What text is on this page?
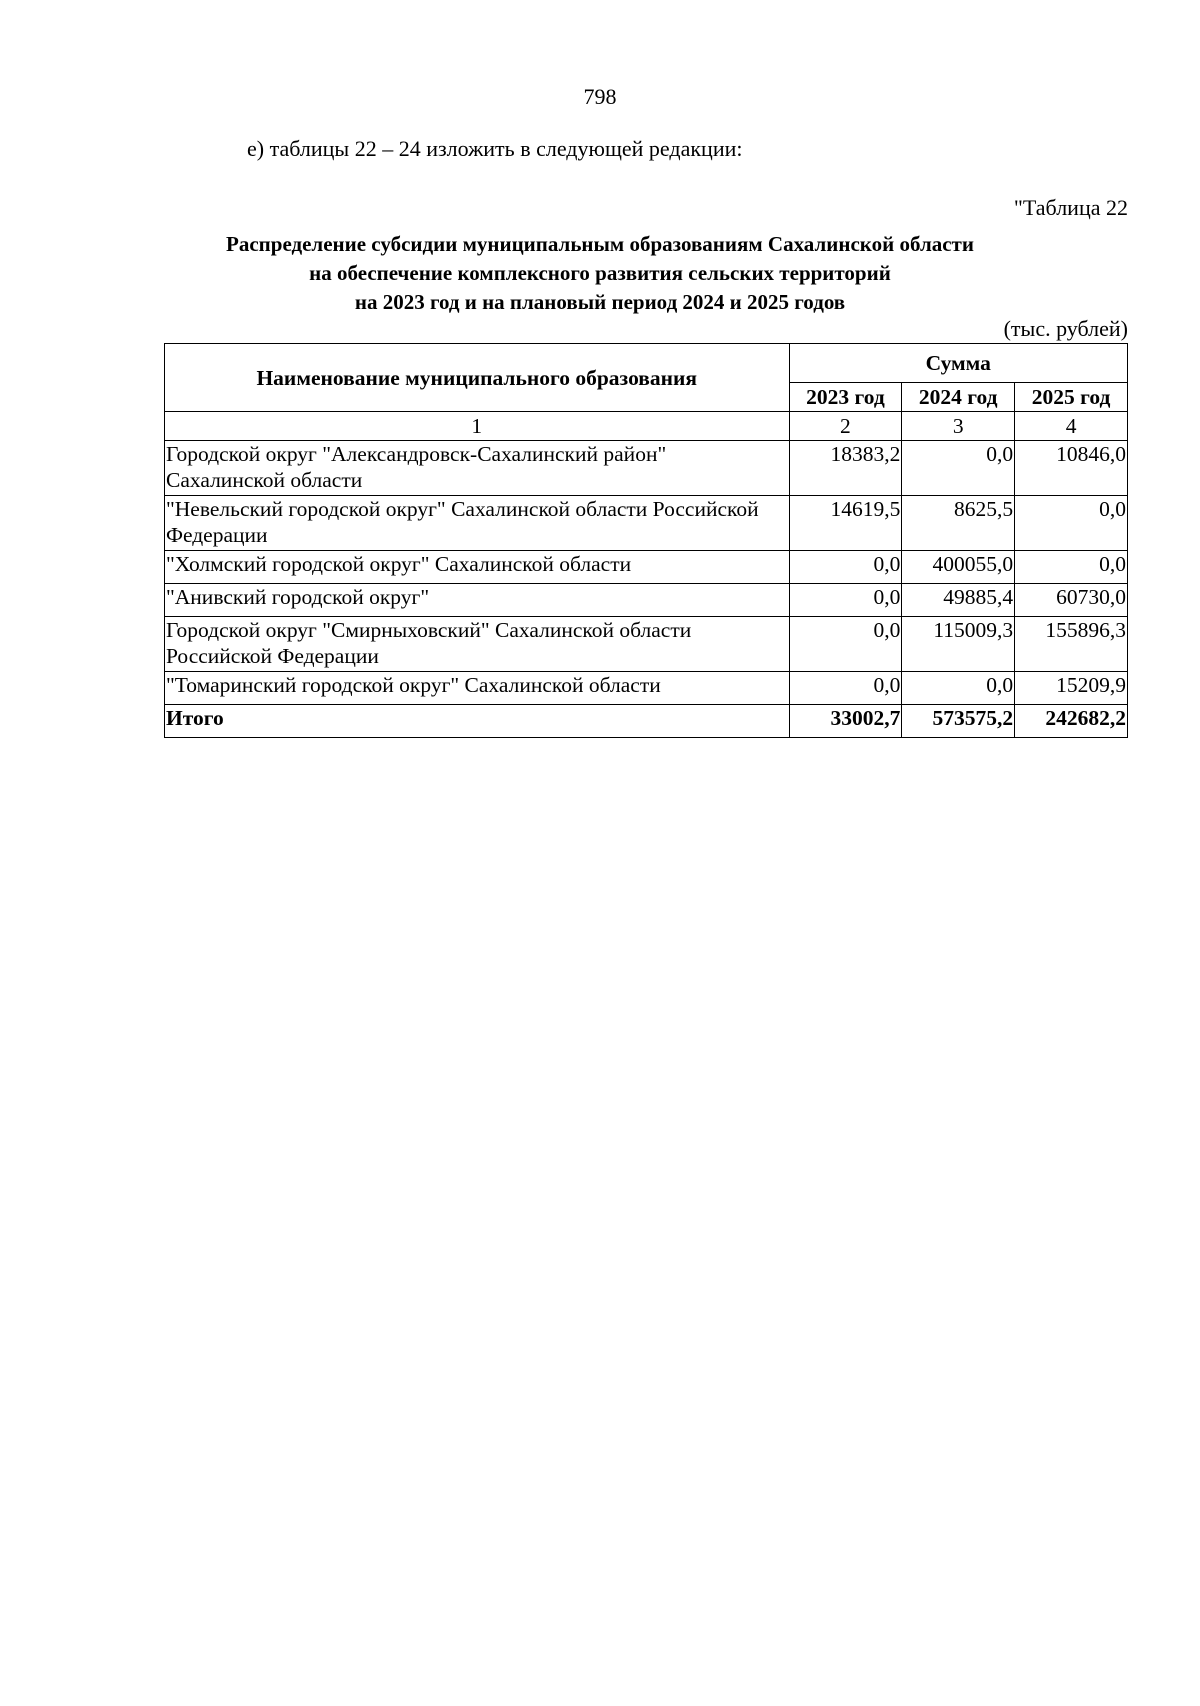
798
е) таблицы 22 – 24 изложить в следующей редакции:
"Таблица 22
Распределение субсидии муниципальным образованиям Сахалинской области
на обеспечение комплексного развития сельских территорий
на 2023 год и на плановый период 2024 и 2025 годов
(тыс. рублей)
Наименование муниципального образования	Сумма		
	2023 год	2024 год	2025 год
1	2	3	4
Городской округ "Александровск-Сахалинский район" Сахалинской области	18383,2	0,0	10846,0
"Невельский городской округ" Сахалинской области Российской Федерации	14619,5	8625,5	0,0
"Холмский городской округ" Сахалинской области	0,0	400055,0	0,0
"Анивский городской округ"	0,0	49885,4	60730,0
Городской округ "Смирныховский" Сахалинской области Российской Федерации	0,0	115009,3	155896,3
"Томаринский городской округ" Сахалинской области	0,0	0,0	15209,9
Итого	33002,7	573575,2	242682,2
